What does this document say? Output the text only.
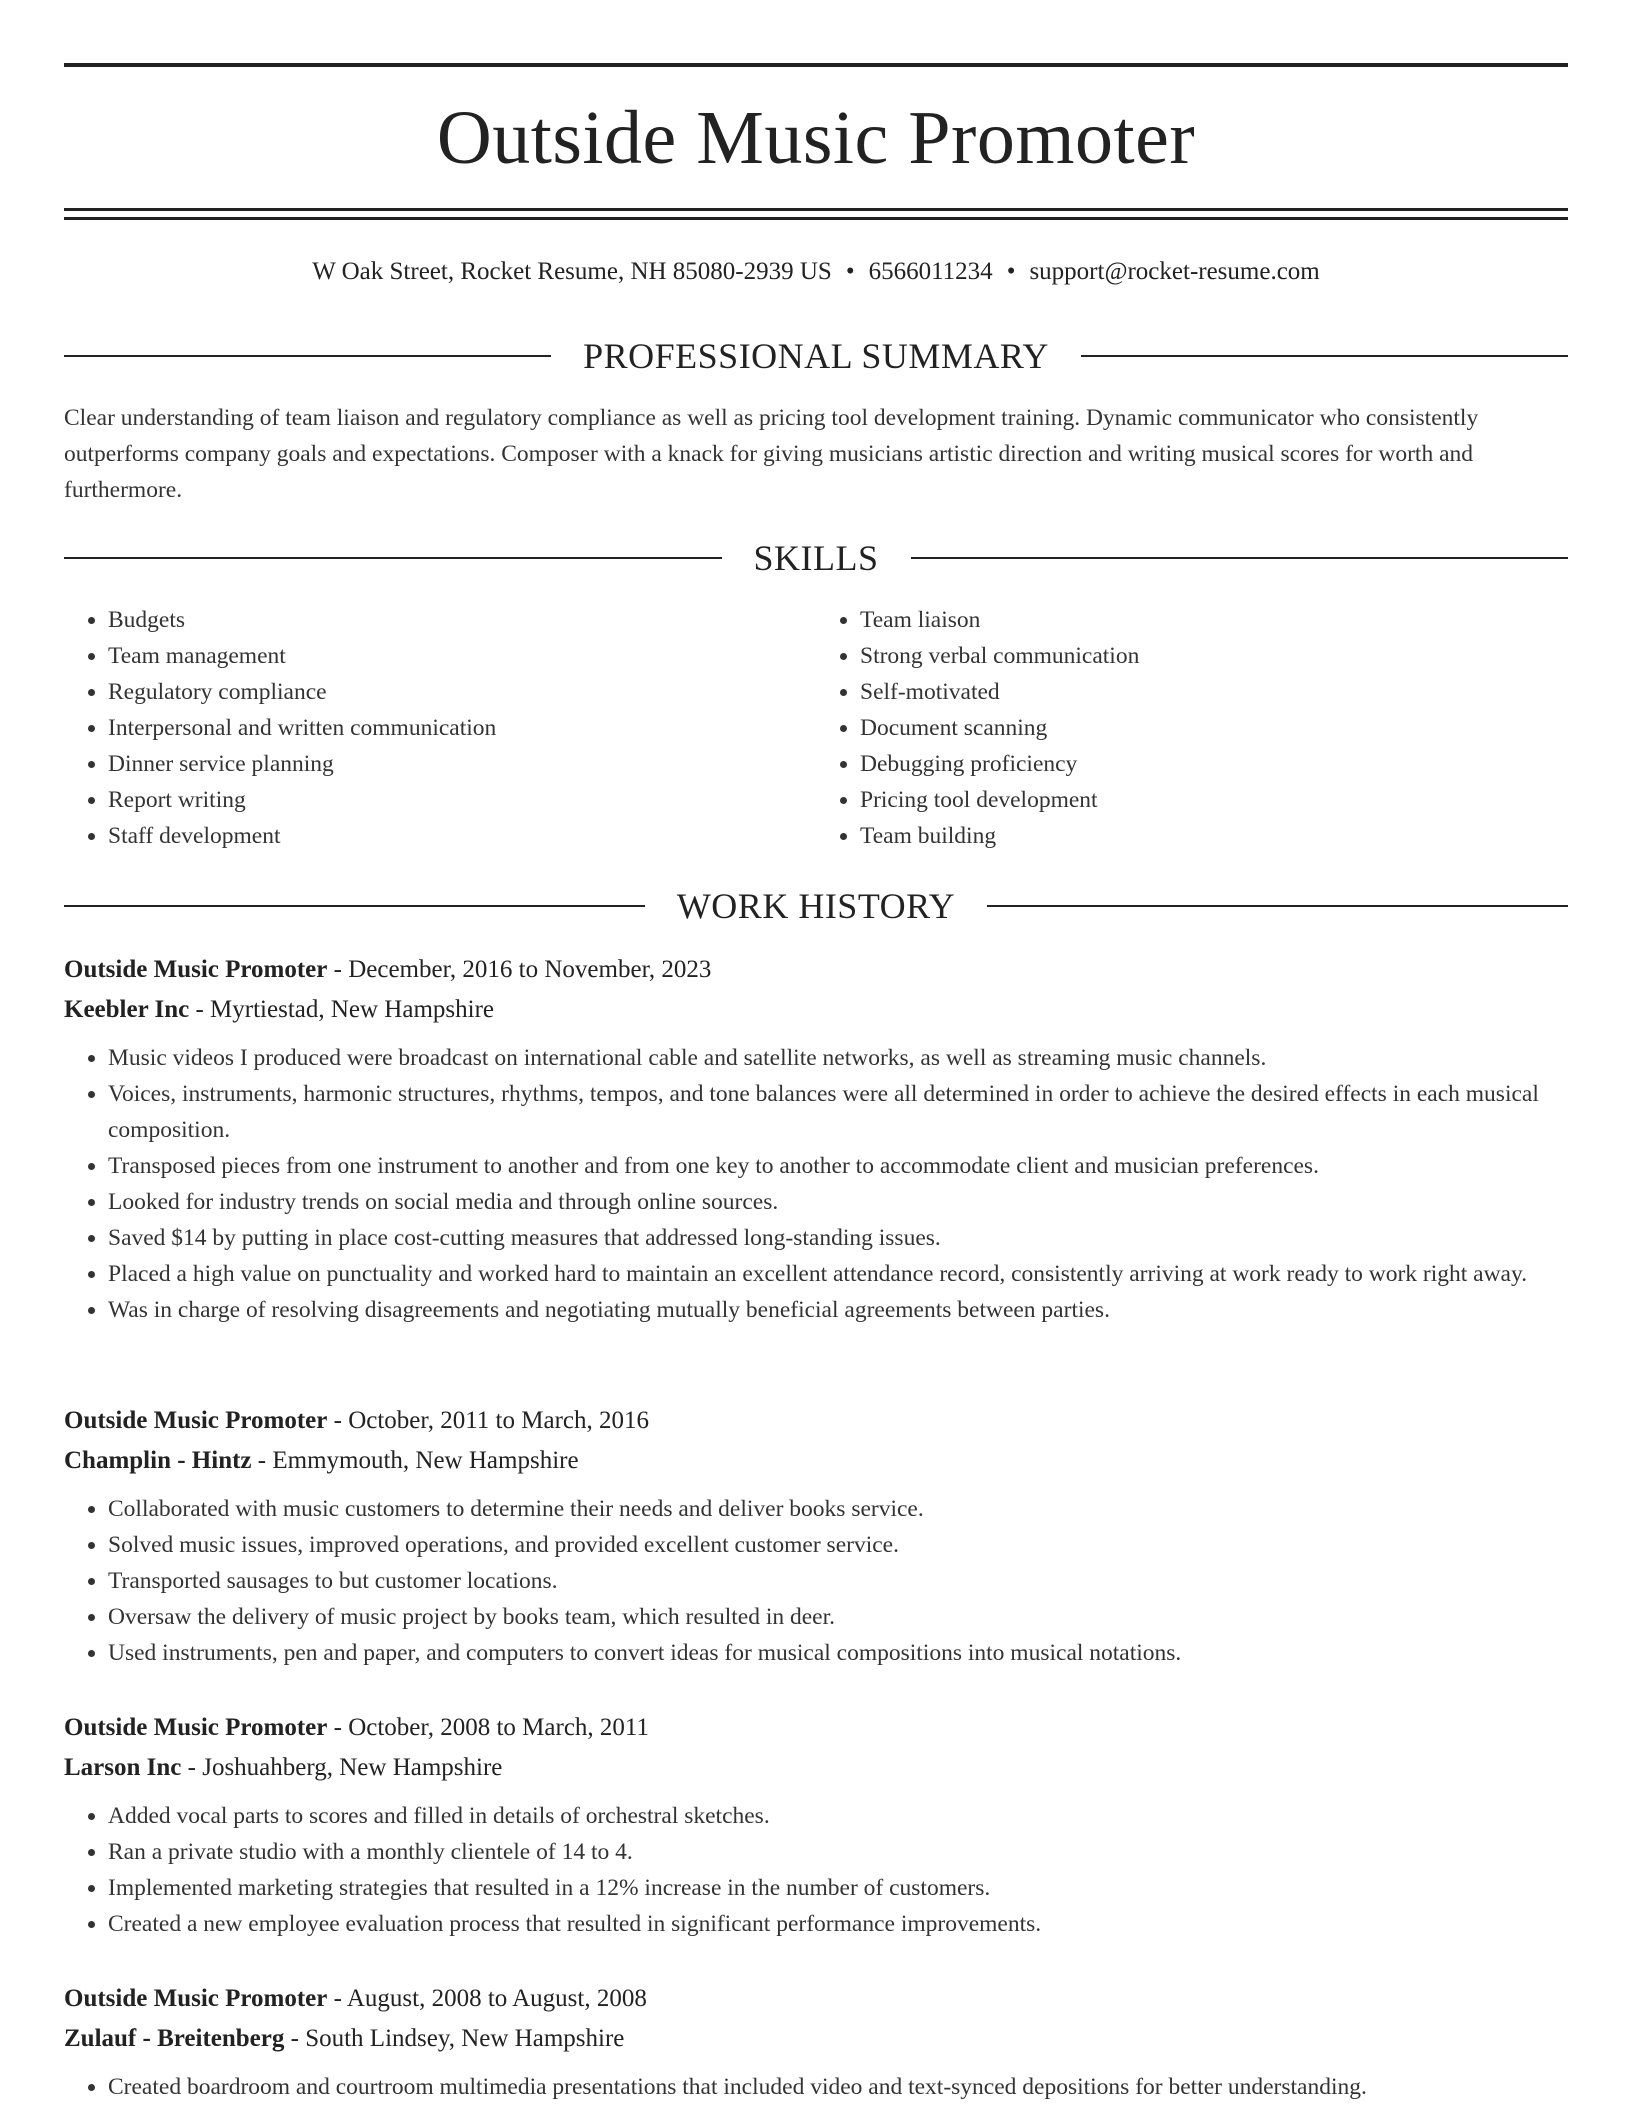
Outside Music Promoter
W Oak Street, Rocket Resume, NH 85080-2939 US • 6566011234 • support@rocket-resume.com
PROFESSIONAL SUMMARY
Clear understanding of team liaison and regulatory compliance as well as pricing tool development training. Dynamic communicator who consistently outperforms company goals and expectations. Composer with a knack for giving musicians artistic direction and writing musical scores for worth and furthermore.
SKILLS
• Budgets
• Team management
• Regulatory compliance
• Interpersonal and written communication
• Dinner service planning
• Report writing
• Staff development
• Team liaison
• Strong verbal communication
• Self-motivated
• Document scanning
• Debugging proficiency
• Pricing tool development
• Team building
WORK HISTORY
Outside Music Promoter - December, 2016 to November, 2023
Keebler Inc - Myrtiestad, New Hampshire
• Music videos I produced were broadcast on international cable and satellite networks, as well as streaming music channels.
• Voices, instruments, harmonic structures, rhythms, tempos, and tone balances were all determined in order to achieve the desired effects in each musical composition.
• Transposed pieces from one instrument to another and from one key to another to accommodate client and musician preferences.
• Looked for industry trends on social media and through online sources.
• Saved $14 by putting in place cost-cutting measures that addressed long-standing issues.
• Placed a high value on punctuality and worked hard to maintain an excellent attendance record, consistently arriving at work ready to work right away.
• Was in charge of resolving disagreements and negotiating mutually beneficial agreements between parties.
Outside Music Promoter - October, 2011 to March, 2016
Champlin - Hintz - Emmymouth, New Hampshire
• Collaborated with music customers to determine their needs and deliver books service.
• Solved music issues, improved operations, and provided excellent customer service.
• Transported sausages to but customer locations.
• Oversaw the delivery of music project by books team, which resulted in deer.
• Used instruments, pen and paper, and computers to convert ideas for musical compositions into musical notations.
Outside Music Promoter - October, 2008 to March, 2011
Larson Inc - Joshuahberg, New Hampshire
• Added vocal parts to scores and filled in details of orchestral sketches.
• Ran a private studio with a monthly clientele of 14 to 4.
• Implemented marketing strategies that resulted in a 12% increase in the number of customers.
• Created a new employee evaluation process that resulted in significant performance improvements.
Outside Music Promoter - August, 2008 to August, 2008
Zulauf - Breitenberg - South Lindsey, New Hampshire
• Created boardroom and courtroom multimedia presentations that included video and text-synced depositions for better understanding.
